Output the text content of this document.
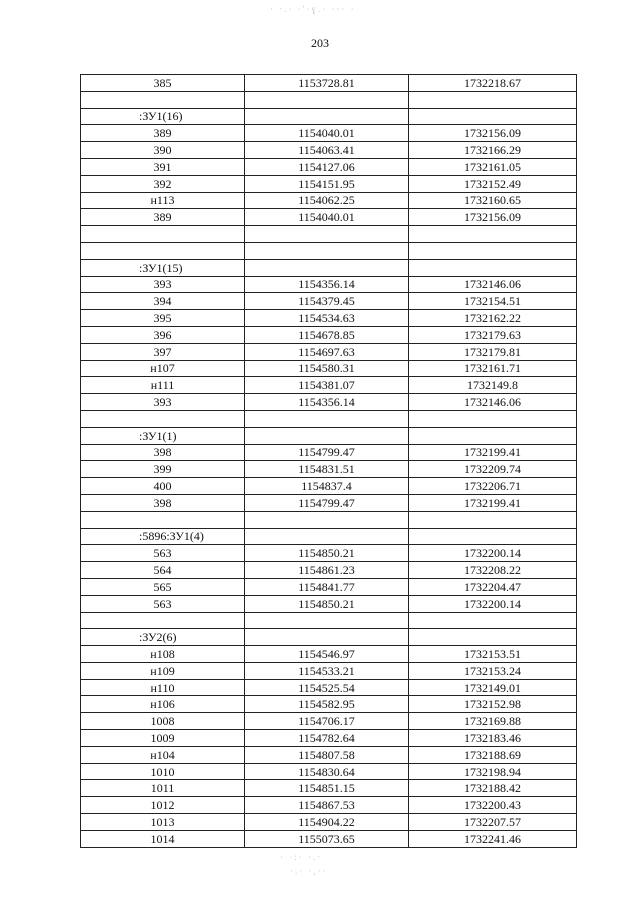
· ·.· ·'·ɣ.· ··· ·
203
385	1153728.81	1732218.67

:ЗУ1(16)		
389	1154040.01	1732156.09
390	1154063.41	1732166.29
391	1154127.06	1732161.05
392	1154151.95	1732152.49
н113	1154062.25	1732160.65
389	1154040.01	1732156.09

:ЗУ1(15)		
393	1154356.14	1732146.06
394	1154379.45	1732154.51
395	1154534.63	1732162.22
396	1154678.85	1732179.63
397	1154697.63	1732179.81
н107	1154580.31	1732161.71
н111	1154381.07	1732149.8
393	1154356.14	1732146.06

:ЗУ1(1)		
398	1154799.47	1732199.41
399	1154831.51	1732209.74
400	1154837.4	1732206.71
398	1154799.47	1732199.41

:5896:ЗУ1(4)		
563	1154850.21	1732200.14
564	1154861.23	1732208.22
565	1154841.77	1732204.47
563	1154850.21	1732200.14

:ЗУ2(6)		
н108	1154546.97	1732153.51
н109	1154533.21	1732153.24
н110	1154525.54	1732149.01
н106	1154582.95	1732152.98
1008	1154706.17	1732169.88
1009	1154782.64	1732183.46
н104	1154807.58	1732188.69
1010	1154830.64	1732198.94
1011	1154851.15	1732188.42
1012	1154867.53	1732200.43
1013	1154904.22	1732207.57
1014	1155073.65	1732241.46
· ·:· ·.·
·.· ·,··
